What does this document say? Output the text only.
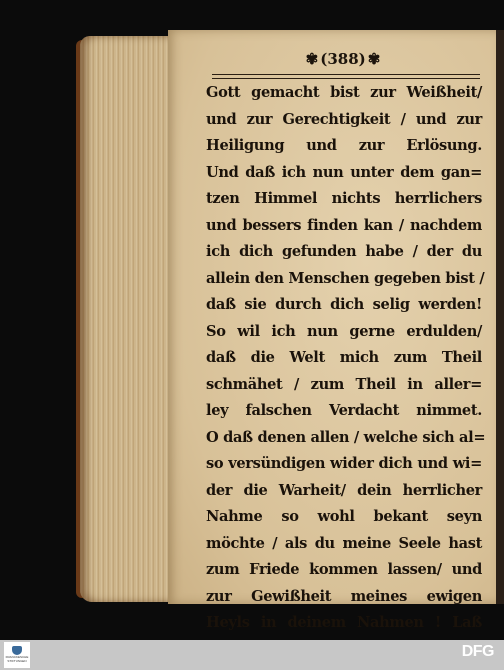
✾ (388) ✾
Gott gemacht bist zur Weißheit/
und zur Gerechtigkeit / und zur
Heiligung und zur Erlösung.
Und daß ich nun unter dem gan=
tzen Himmel nichts herrlichers
und bessers finden kan / nachdem
ich dich gefunden habe / der du
allein den Menschen gegeben bist /
daß sie durch dich selig werden!
So wil ich nun gerne erdulden/
daß die Welt mich zum Theil
schmähet / zum Theil in aller=
ley falschen Verdacht nimmet.
O daß denen allen / welche sich al=
so versündigen wider dich und wi=
der die Warheit/ dein herrlicher
Nahme so wohl bekant seyn
möchte / als du meine Seele hast
zum Friede kommen lassen/ und
zur Gewißheit meines ewigen
Heyls in deinem Nahmen ! Laß
FRANCKESCHE
STIFTUNGEN
DFG
